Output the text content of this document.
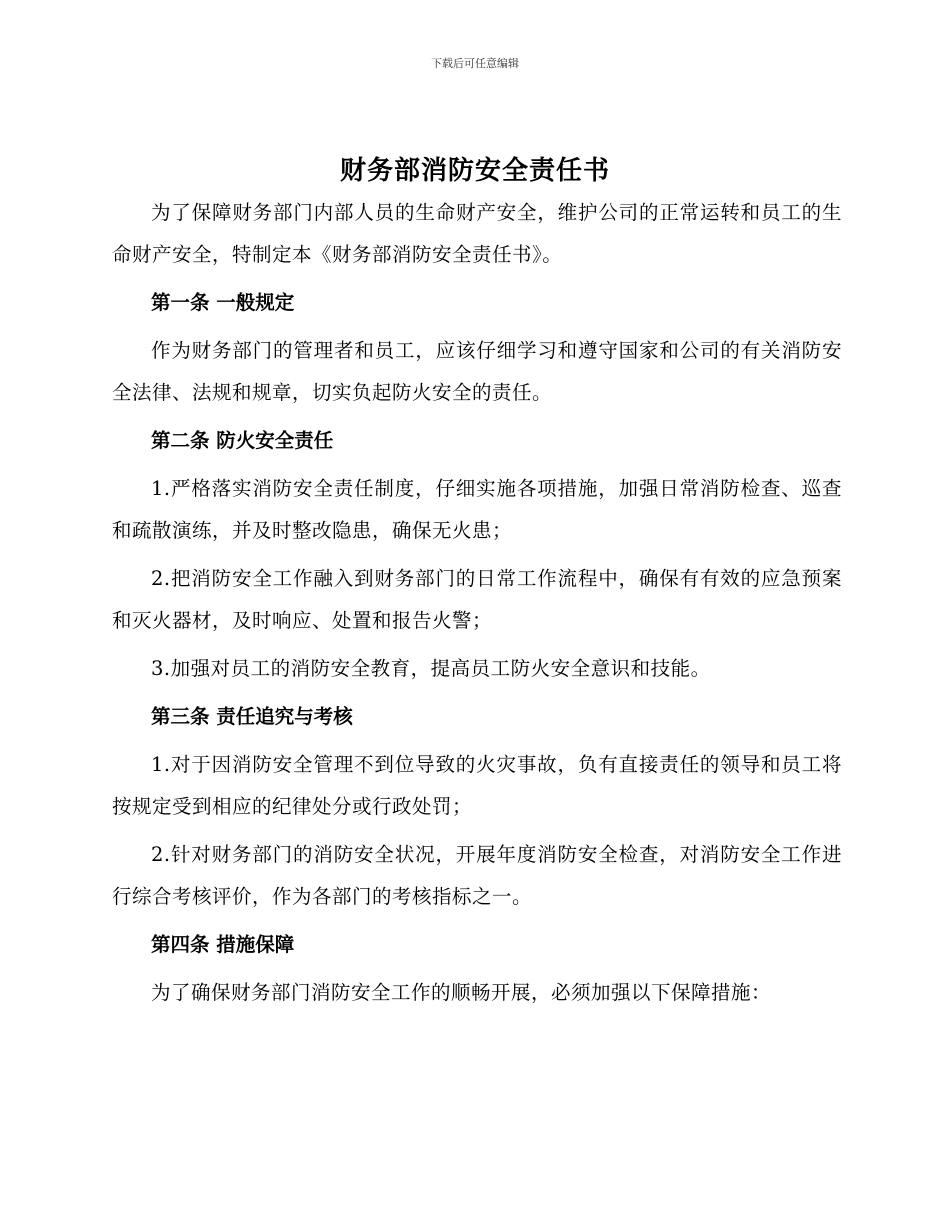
下载后可任意编辑
财务部消防安全责任书

为了保障财务部门内部人员的生命财产安全，维护公司的正常运转和员工的生命财产安全，特制定本《财务部消防安全责任书》。

第一条 一般规定

作为财务部门的管理者和员工，应该仔细学习和遵守国家和公司的有关消防安全法律、法规和规章，切实负起防火安全的责任。

第二条 防火安全责任

1.严格落实消防安全责任制度，仔细实施各项措施，加强日常消防检查、巡查和疏散演练，并及时整改隐患，确保无火患；

2.把消防安全工作融入到财务部门的日常工作流程中，确保有有效的应急预案和灭火器材，及时响应、处置和报告火警；

3.加强对员工的消防安全教育，提高员工防火安全意识和技能。

第三条 责任追究与考核

1.对于因消防安全管理不到位导致的火灾事故，负有直接责任的领导和员工将按规定受到相应的纪律处分或行政处罚；

2.针对财务部门的消防安全状况，开展年度消防安全检查，对消防安全工作进行综合考核评价，作为各部门的考核指标之一。

第四条 措施保障

为了确保财务部门消防安全工作的顺畅开展，必须加强以下保障措施：
